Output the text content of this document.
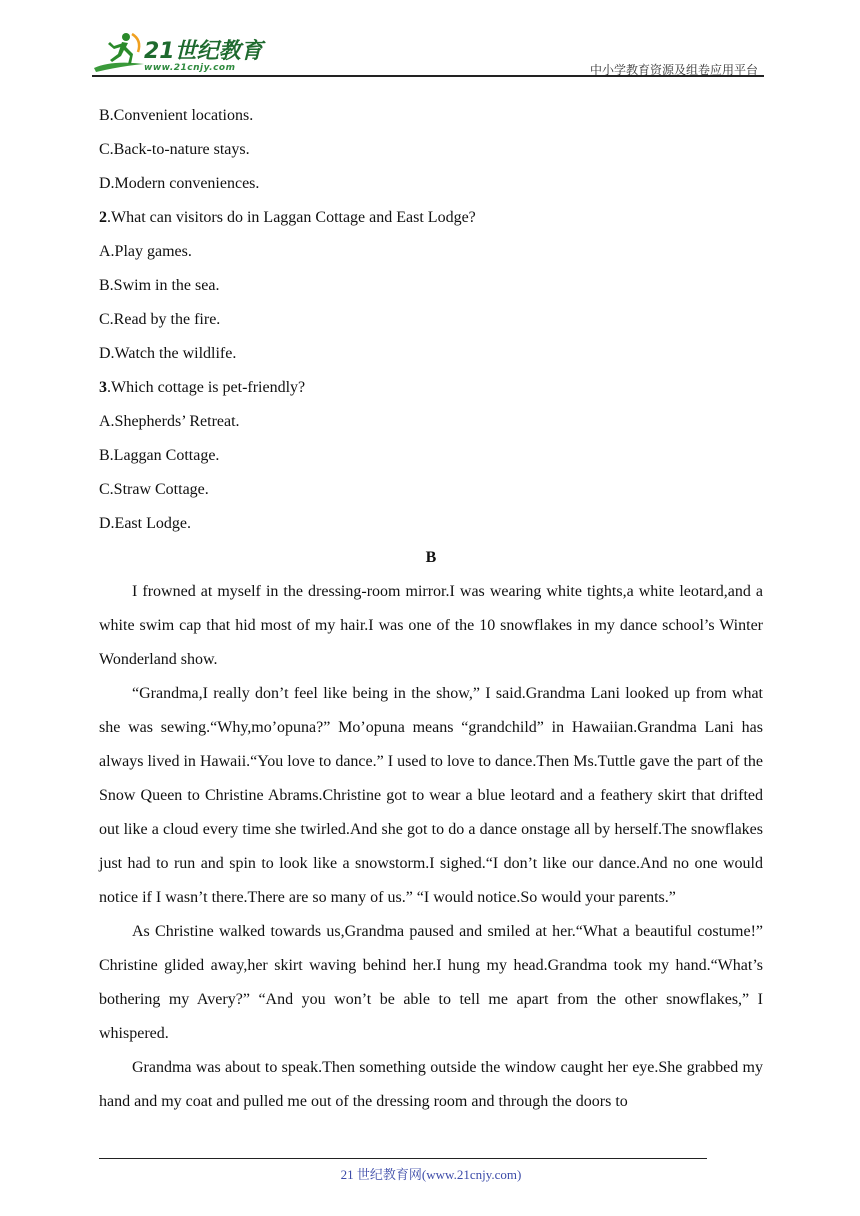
21世纪教育
www.21cnjy.com	中小学教育资源及组卷应用平台

B.Convenient locations.

C.Back-to-nature stays.

D.Modern conveniences.

2.What can visitors do in Laggan Cottage and East Lodge?

A.Play games.

B.Swim in the sea.

C.Read by the fire.

D.Watch the wildlife.

3.Which cottage is pet-friendly?

A.Shepherds’ Retreat.

B.Laggan Cottage.

C.Straw Cottage.

D.East Lodge.

B

I frowned at myself in the dressing-room mirror.I was wearing white tights,a white leotard,and a white swim cap that hid most of my hair.I was one of the 10 snowflakes in my dance school’s Winter Wonderland show.

“Grandma,I really don’t feel like being in the show,” I said.Grandma Lani looked up from what she was sewing.“Why,mo’opuna?” Mo’opuna means “grandchild” in Hawaiian.Grandma Lani has always lived in Hawaii.“You love to dance.” I used to love to dance.Then Ms.Tuttle gave the part of the Snow Queen to Christine Abrams.Christine got to wear a blue leotard and a feathery skirt that drifted out like a cloud every time she twirled.And she got to do a dance onstage all by herself.The snowflakes just had to run and spin to look like a snowstorm.I sighed.“I don’t like our dance.And no one would notice if I wasn’t there.There are so many of us.” “I would notice.So would your parents.”

As Christine walked towards us,Grandma paused and smiled at her.“What a beautiful costume!” Christine glided away,her skirt waving behind her.I hung my head.Grandma took my hand.“What’s bothering my Avery?” “And you won’t be able to tell me apart from the other snowflakes,” I whispered.

Grandma was about to speak.Then something outside the window caught her eye.She grabbed my hand and my coat and pulled me out of the dressing room and through the doors to

21 世纪教育网(www.21cnjy.com)
